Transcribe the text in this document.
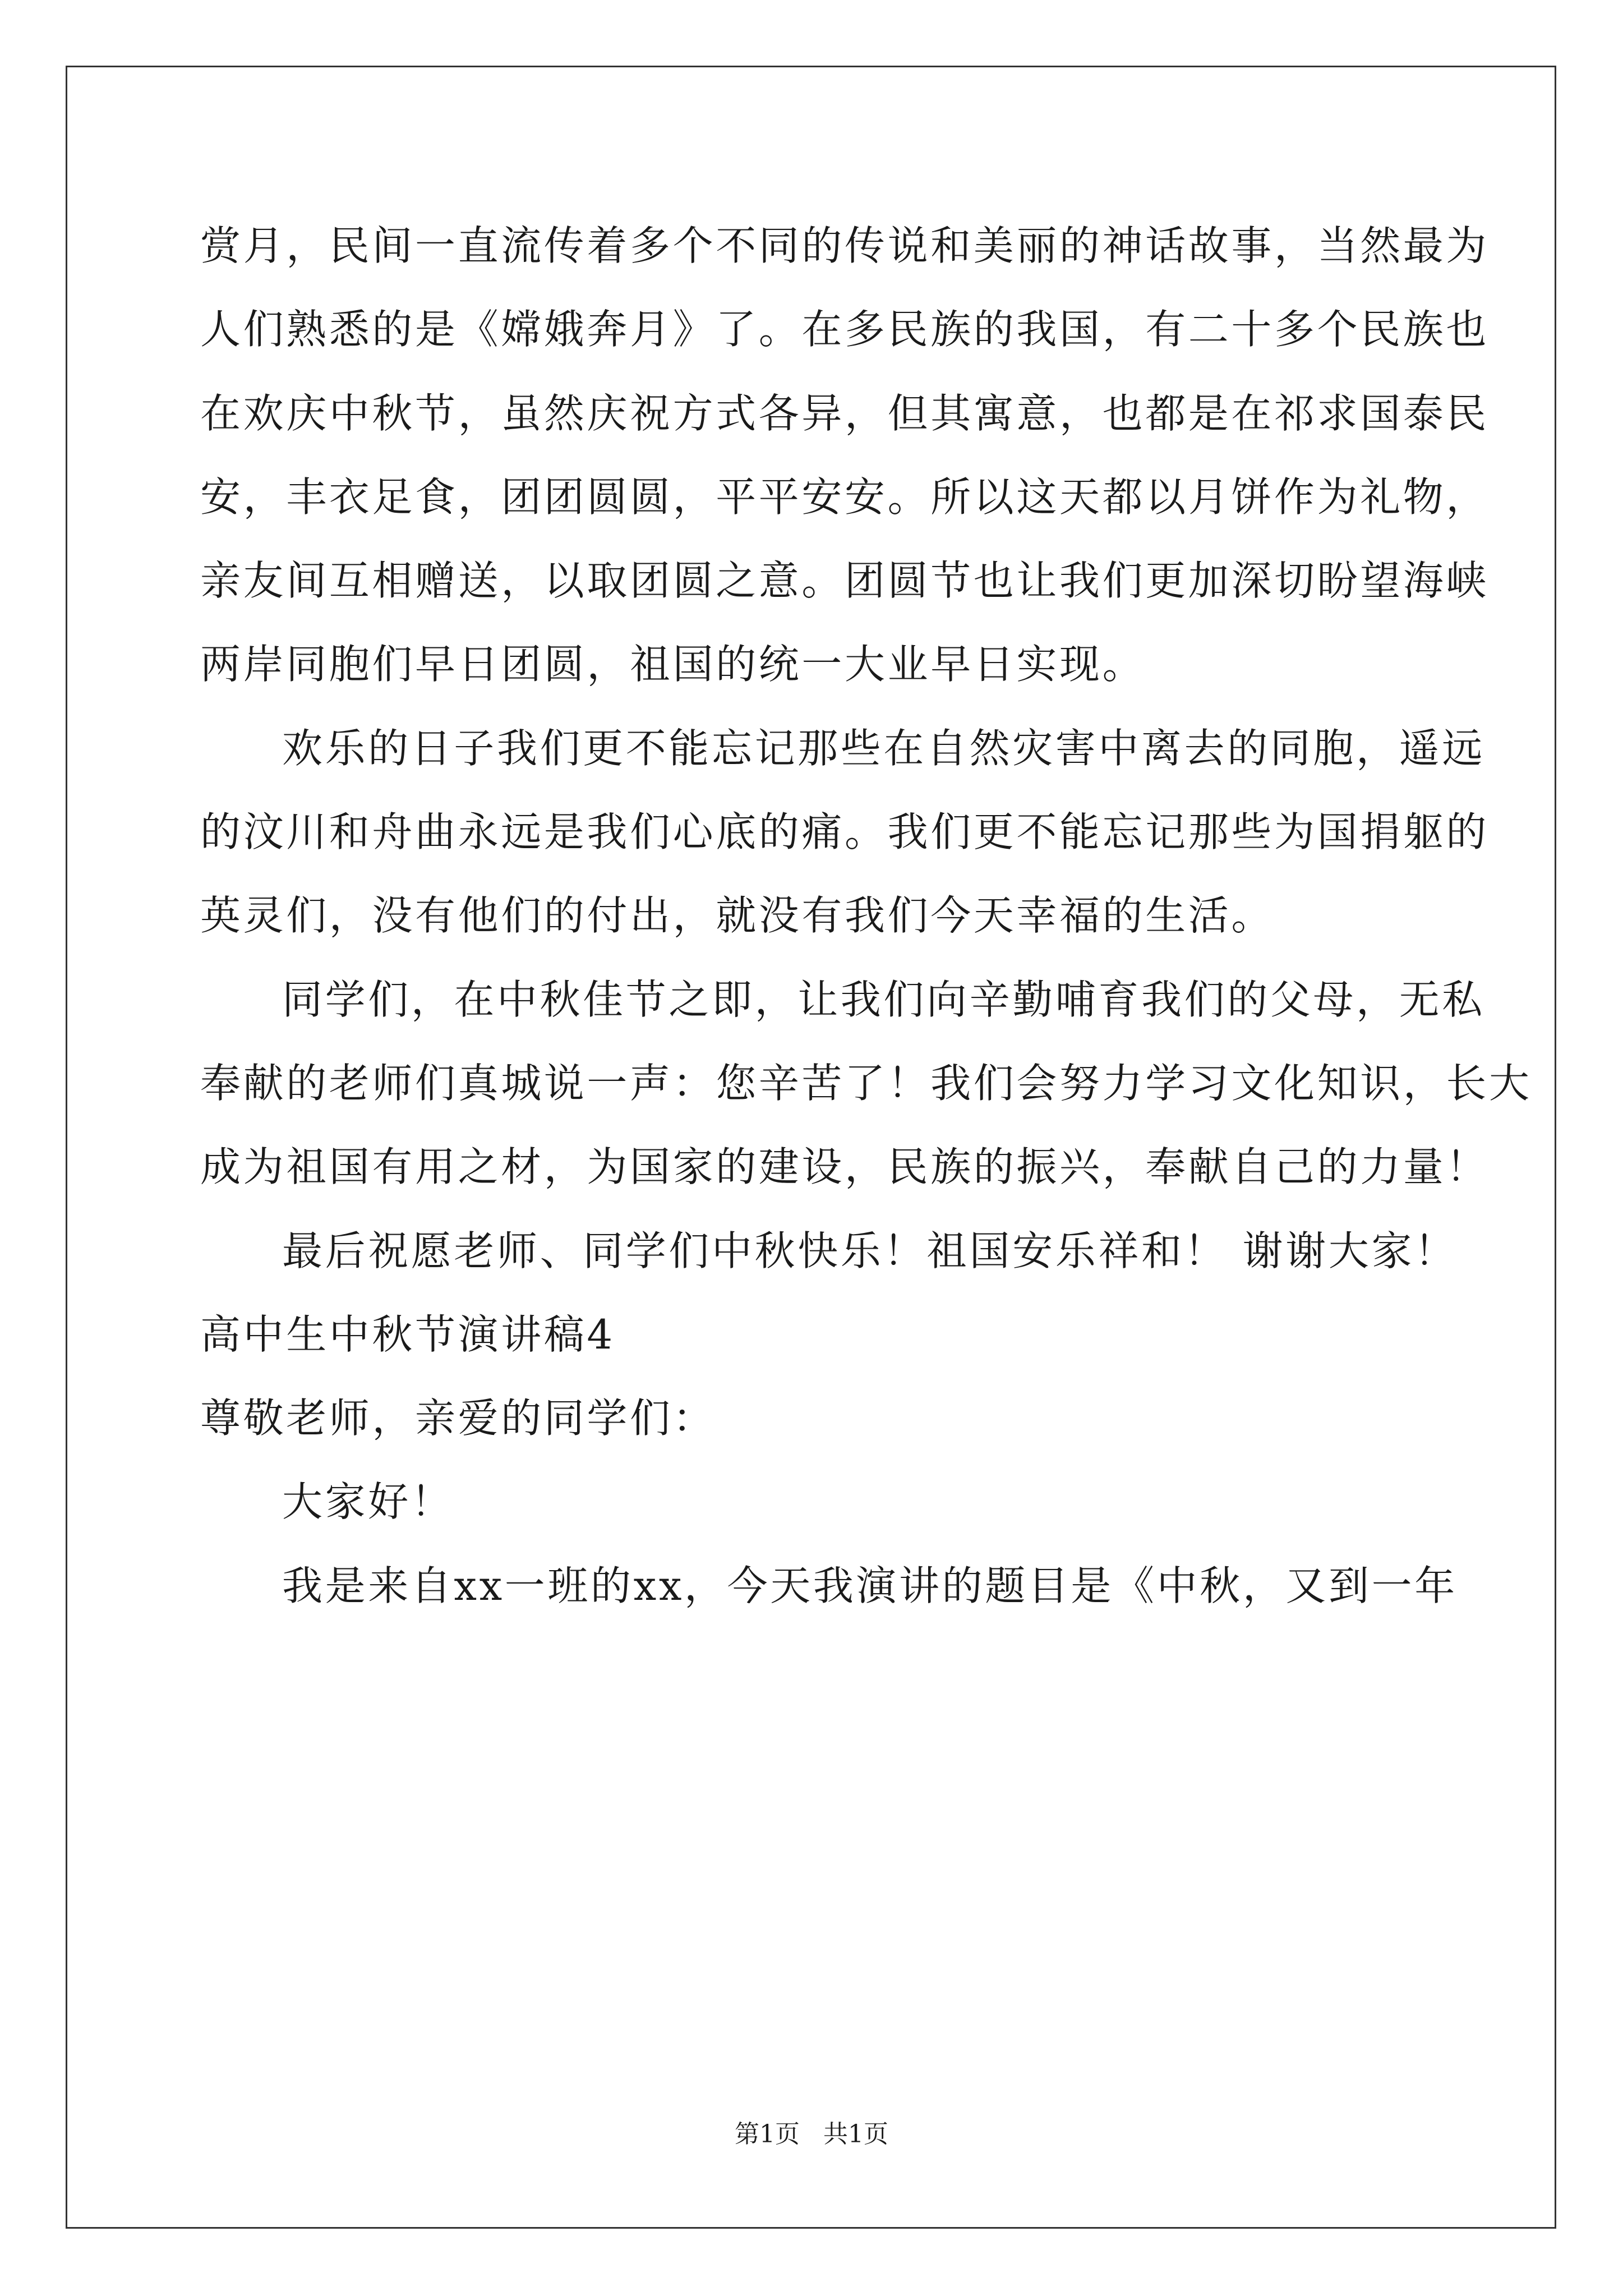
赏月，民间一直流传着多个不同的传说和美丽的神话故事，当然最为
人们熟悉的是《嫦娥奔月》了。在多民族的我国，有二十多个民族也
在欢庆中秋节，虽然庆祝方式各异，但其寓意，也都是在祁求国泰民
安，丰衣足食，团团圆圆，平平安安。所以这天都以月饼作为礼物，
亲友间互相赠送，以取团圆之意。团圆节也让我们更加深切盼望海峡
两岸同胞们早日团圆，祖国的统一大业早日实现。
欢乐的日子我们更不能忘记那些在自然灾害中离去的同胞，遥远
的汶川和舟曲永远是我们心底的痛。我们更不能忘记那些为国捐躯的
英灵们，没有他们的付出，就没有我们今天幸福的生活。
同学们，在中秋佳节之即，让我们向辛勤哺育我们的父母，无私
奉献的老师们真城说一声：您辛苦了！我们会努力学习文化知识，长大
成为祖国有用之材，为国家的建设，民族的振兴，奉献自己的力量！
最后祝愿老师、同学们中秋快乐！祖国安乐祥和！ 谢谢大家！
高中生中秋节演讲稿4
尊敬老师，亲爱的同学们：
大家好！
我是来自xx一班的xx，今天我演讲的题目是《中秋，又到一年
第1页   共1页
